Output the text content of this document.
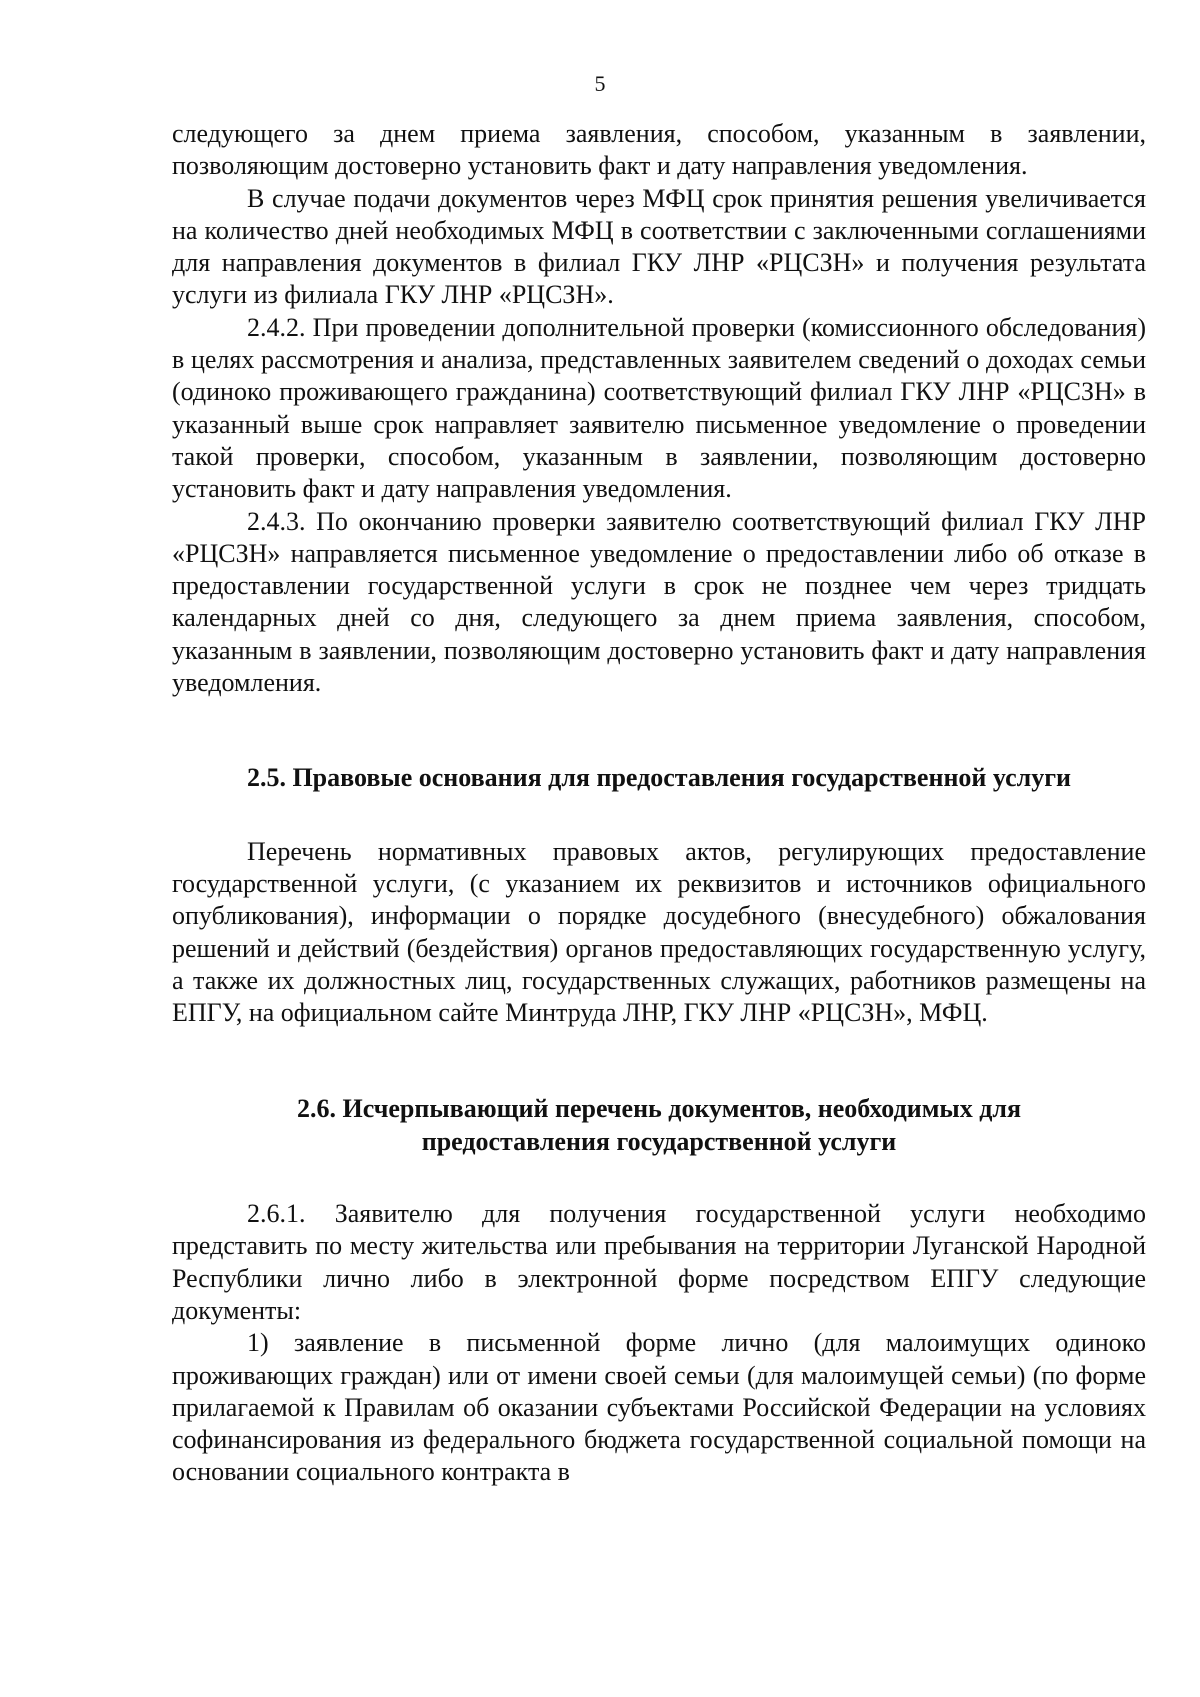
5

следующего за днем приема заявления, способом, указанным в заявлении, позволяющим достоверно установить факт и дату направления уведомления.

В случае подачи документов через МФЦ срок принятия решения увеличивается на количество дней необходимых МФЦ в соответствии с заключенными соглашениями для направления документов в филиал ГКУ ЛНР «РЦСЗН» и получения результата услуги из филиала ГКУ ЛНР «РЦСЗН».

2.4.2. При проведении дополнительной проверки (комиссионного обследования) в целях рассмотрения и анализа, представленных заявителем сведений о доходах семьи (одиноко проживающего гражданина) соответствующий филиал ГКУ ЛНР «РЦСЗН» в указанный выше срок направляет заявителю письменное уведомление о проведении такой проверки, способом, указанным в заявлении, позволяющим достоверно установить факт и дату направления уведомления.

2.4.3. По окончанию проверки заявителю соответствующий филиал ГКУ ЛНР «РЦСЗН» направляется письменное уведомление о предоставлении либо об отказе в предоставлении государственной услуги в срок не позднее чем через тридцать календарных дней со дня, следующего за днем приема заявления, способом, указанным в заявлении, позволяющим достоверно установить факт и дату направления уведомления.

2.5. Правовые основания для предоставления государственной услуги

Перечень нормативных правовых актов, регулирующих предоставление государственной услуги, (с указанием их реквизитов и источников официального опубликования), информации о порядке досудебного (внесудебного) обжалования решений и действий (бездействия) органов предоставляющих государственную услугу, а также их должностных лиц, государственных служащих, работников размещены на ЕПГУ, на официальном сайте Минтруда ЛНР, ГКУ ЛНР «РЦСЗН», МФЦ.

2.6. Исчерпывающий перечень документов, необходимых для
предоставления государственной услуги

2.6.1. Заявителю для получения государственной услуги необходимо представить по месту жительства или пребывания на территории Луганской Народной Республики лично либо в электронной форме посредством ЕПГУ следующие документы:

1) заявление в письменной форме лично (для малоимущих одиноко проживающих граждан) или от имени своей семьи (для малоимущей семьи) (по форме прилагаемой к Правилам об оказании субъектами Российской Федерации на условиях софинансирования из федерального бюджета государственной социальной помощи на основании социального контракта в
